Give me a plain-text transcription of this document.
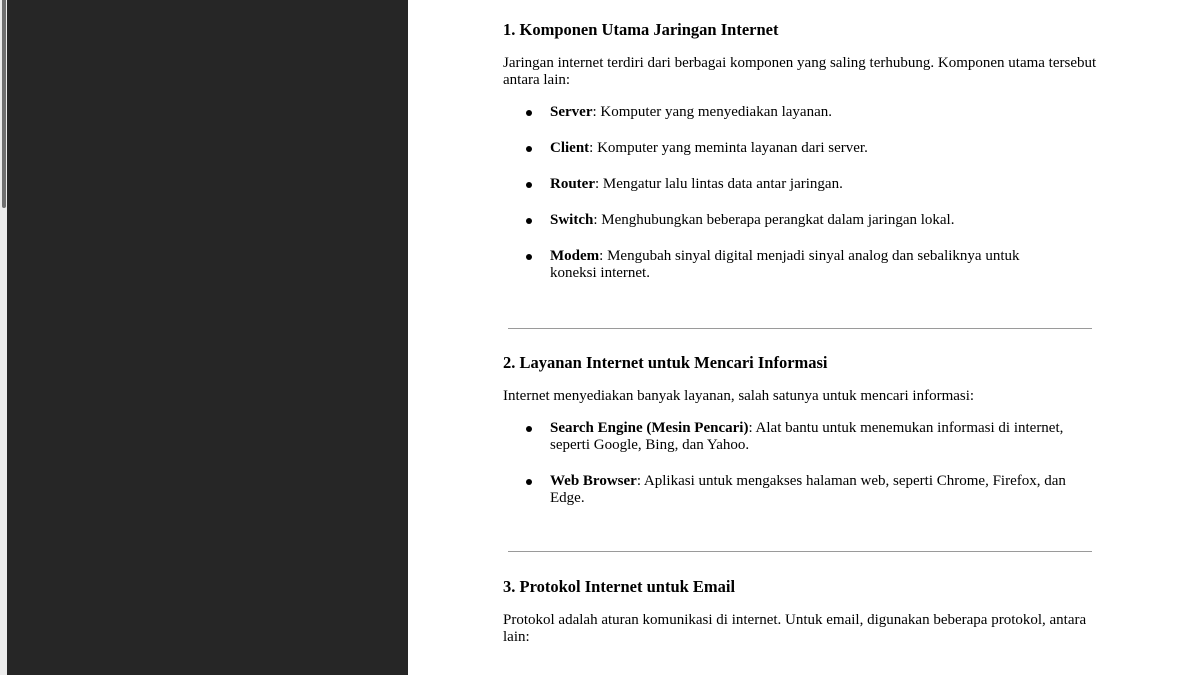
1. Komponen Utama Jaringan Internet

Jaringan internet terdiri dari berbagai komponen yang saling terhubung. Komponen utama tersebut antara lain:

Server: Komputer yang menyediakan layanan.
Client: Komputer yang meminta layanan dari server.
Router: Mengatur lalu lintas data antar jaringan.
Switch: Menghubungkan beberapa perangkat dalam jaringan lokal.
Modem: Mengubah sinyal digital menjadi sinyal analog dan sebaliknya untuk koneksi internet.
2. Layanan Internet untuk Mencari Informasi

Internet menyediakan banyak layanan, salah satunya untuk mencari informasi:

Search Engine (Mesin Pencari): Alat bantu untuk menemukan informasi di internet, seperti Google, Bing, dan Yahoo.
Web Browser: Aplikasi untuk mengakses halaman web, seperti Chrome, Firefox, dan Edge.
3. Protokol Internet untuk Email

Protokol adalah aturan komunikasi di internet. Untuk email, digunakan beberapa protokol, antara lain:
